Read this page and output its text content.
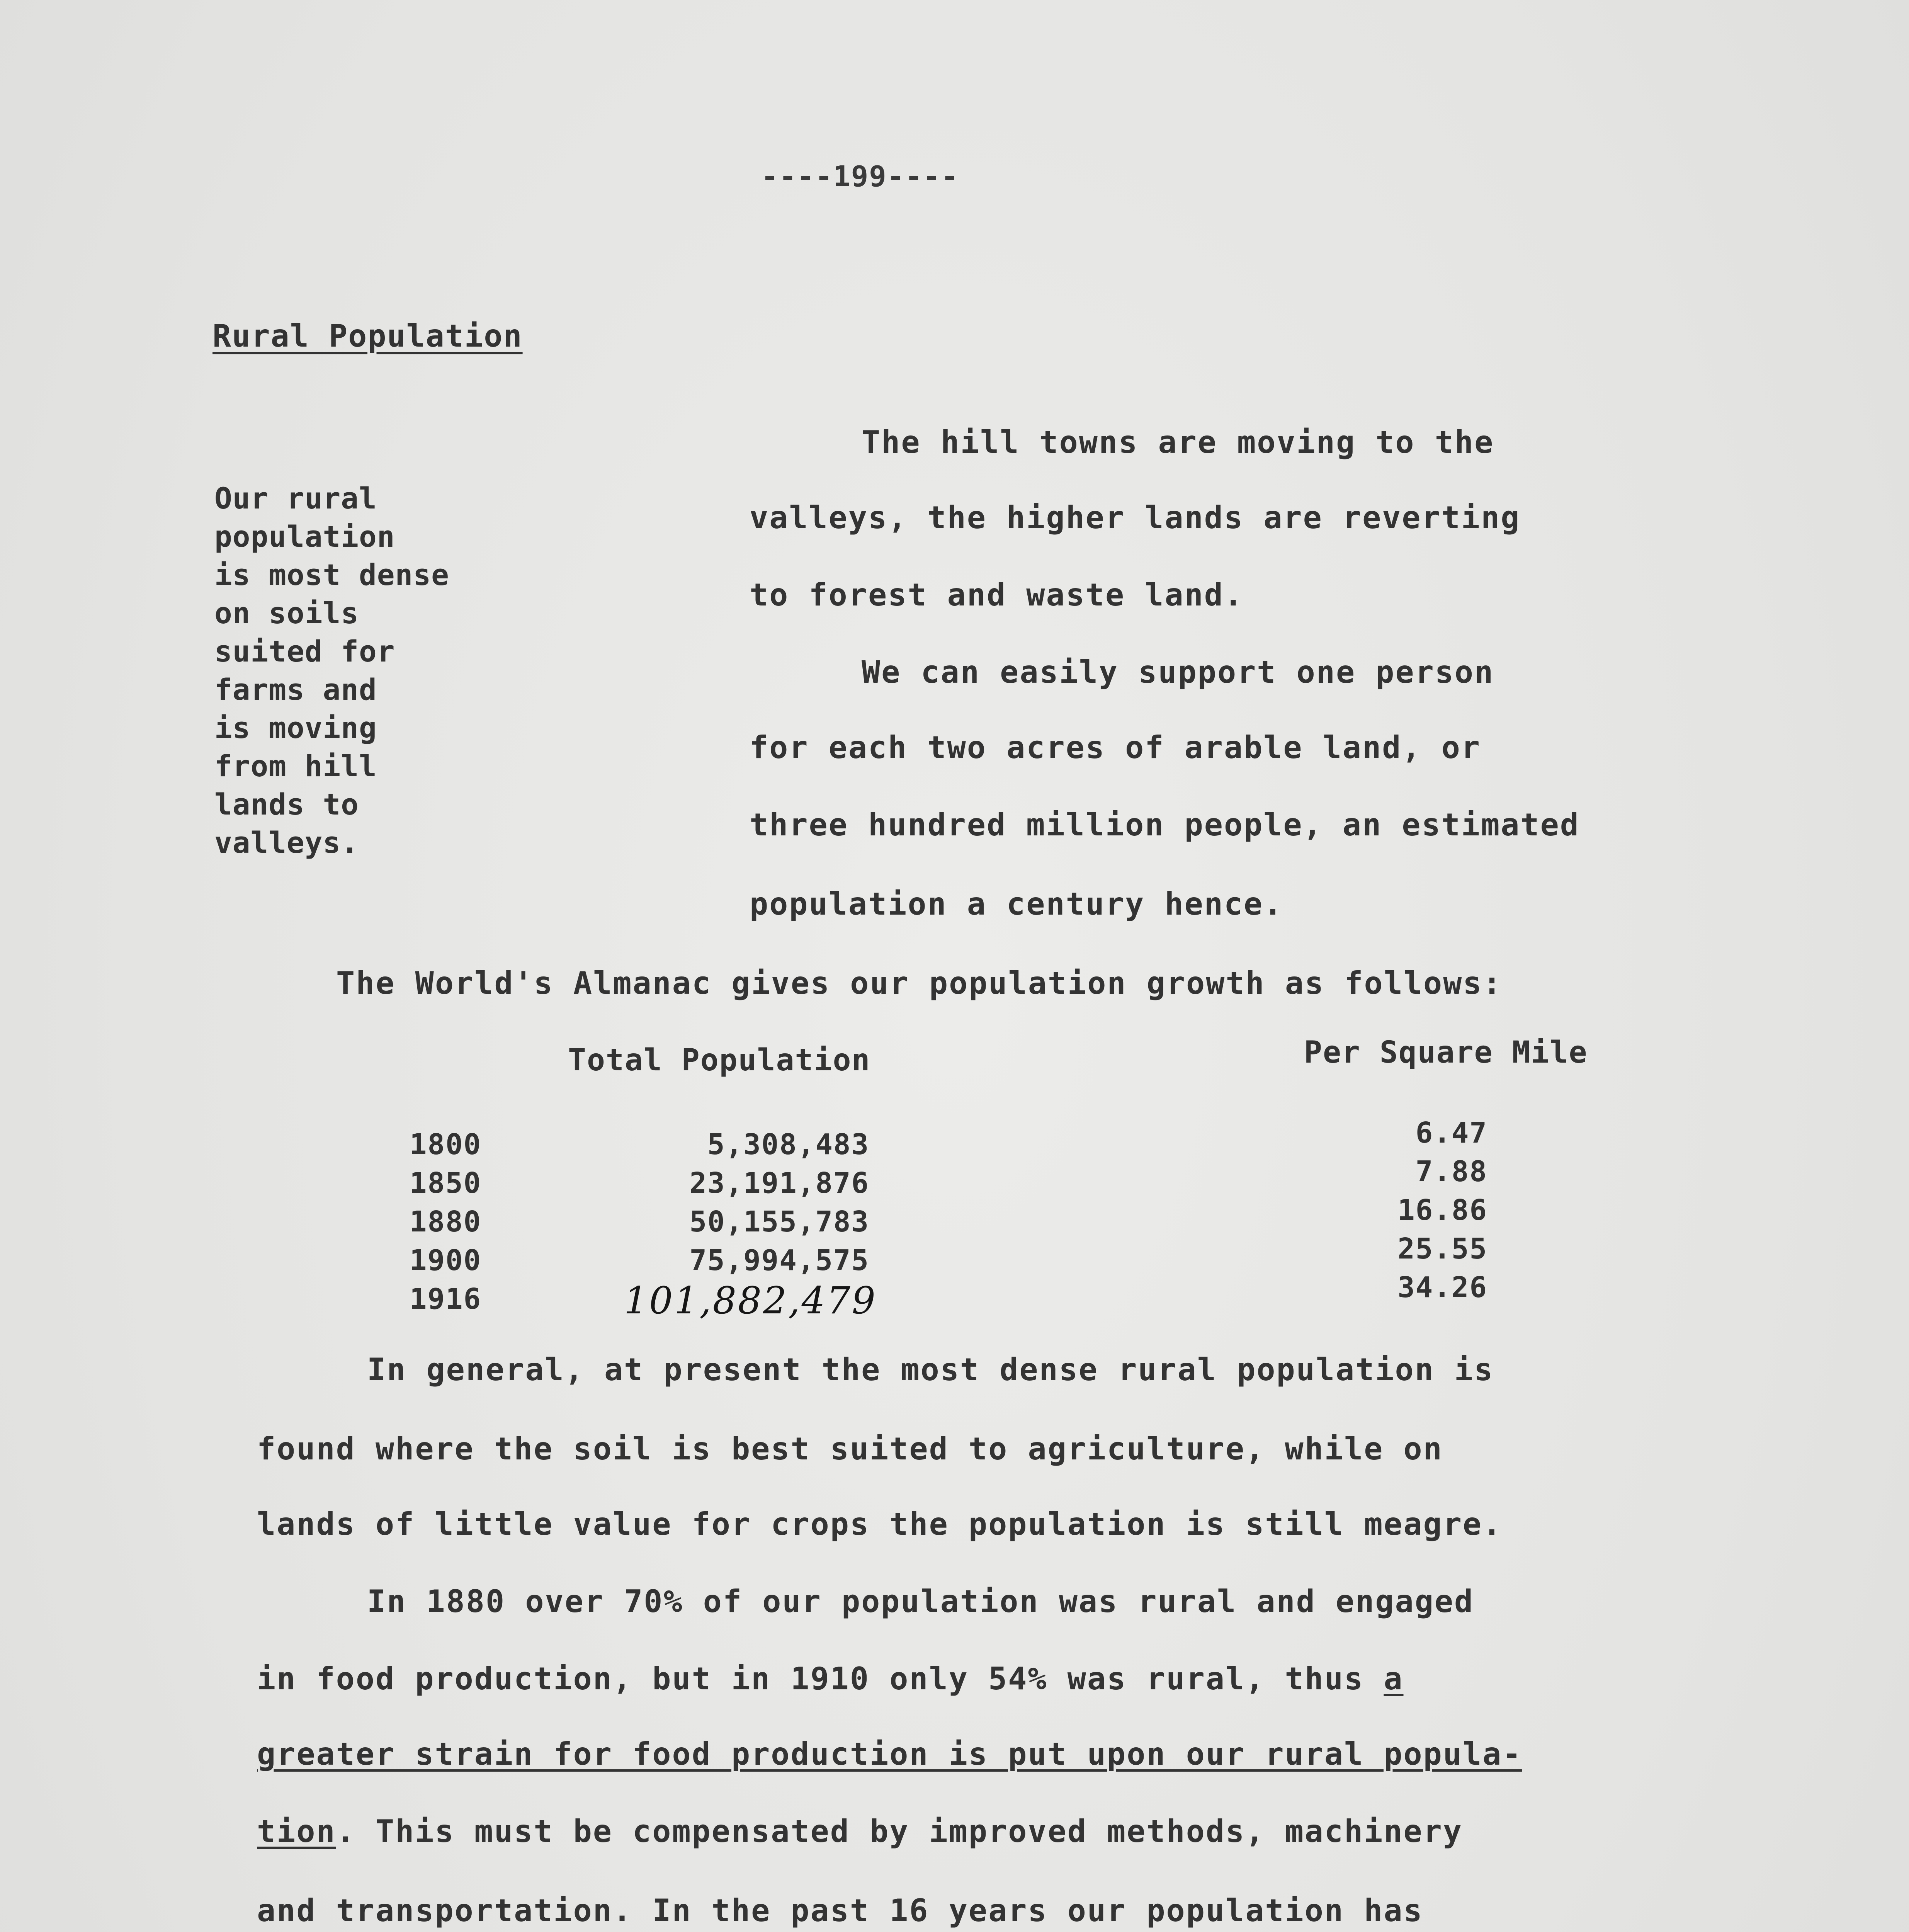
----199----
Rural Population
Our rural
population
is most dense
on soils
suited for
farms and
is moving
from hill
lands to
valleys.
The hill towns are moving to the
valleys, the higher lands are reverting
to forest and waste land.
We can easily support one person
for each two acres of arable land, or
three hundred million people, an estimated
population a century hence.
The World's Almanac gives our population growth as follows:
Total Population	Per Square Mile
1800
1850
1880
1900
1916
5,308,483
23,191,876
50,155,783
75,994,575
101,882,479
6.47
7.88
16.86
25.55
34.26
In general, at present the most dense rural population is
found where the soil is best suited to agriculture, while on
lands of little value for crops the population is still meagre.
In 1880 over 70% of our population was rural and engaged
in food production, but in 1910 only 54% was rural, thus a
greater strain for food production is put upon our rural popula-
tion. This must be compensated by improved methods, machinery
and transportation. In the past 16 years our population has
